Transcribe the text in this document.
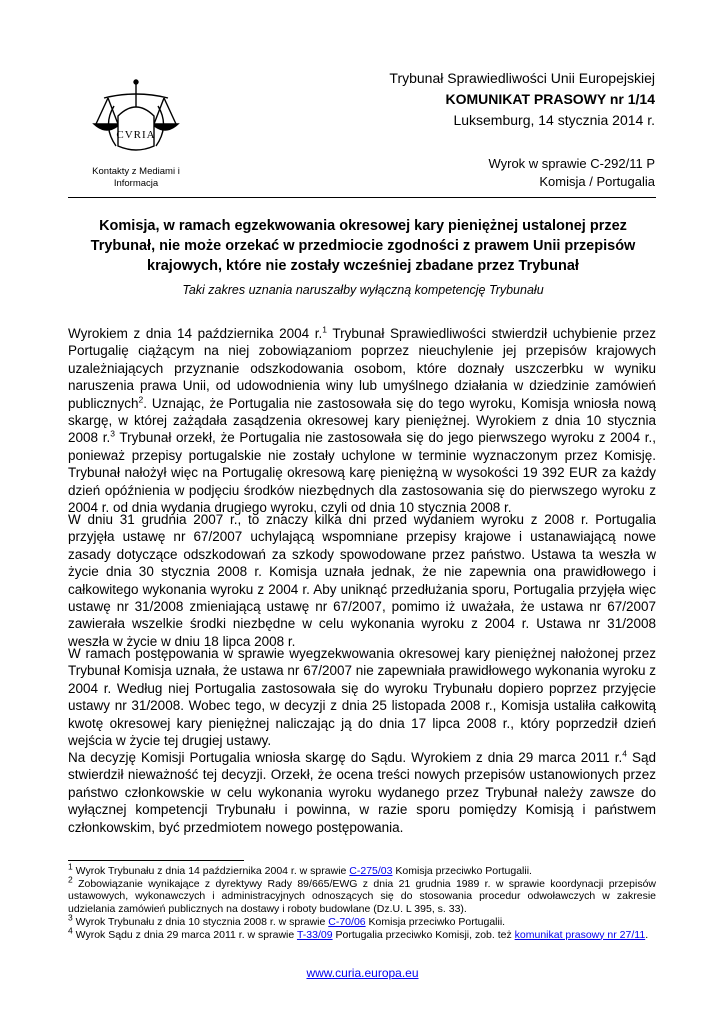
CVRIA
Kontakty z Mediami i Informacja
Trybunał Sprawiedliwości Unii Europejskiej
KOMUNIKAT PRASOWY nr 1/14
Luksemburg, 14 stycznia 2014 r.
Wyrok w sprawie C-292/11 P
Komisja / Portugalia
Komisja, w ramach egzekwowania okresowej kary pieniężnej ustalonej przez Trybunał, nie może orzekać w przedmiocie zgodności z prawem Unii przepisów krajowych, które nie zostały wcześniej zbadane przez Trybunał
Taki zakres uznania naruszałby wyłączną kompetencję Trybunału
Wyrokiem z dnia 14 października 2004 r.$^1$ Trybunał Sprawiedliwości stwierdził uchybienie przez Portugalię ciążącym na niej zobowiązaniom poprzez nieuchylenie jej przepisów krajowych uzależniających przyznanie odszkodowania osobom, które doznały uszczerbku w wyniku naruszenia prawa Unii, od udowodnienia winy lub umyślnego działania w dziedzinie zamówień publicznych$^2$. Uznając, że Portugalia nie zastosowała się do tego wyroku, Komisja wniosła nową skargę, w której zażądała zasądzenia okresowej kary pieniężnej. Wyrokiem z dnia 10 stycznia 2008 r.$^3$ Trybunał orzekł, że Portugalia nie zastosowała się do jego pierwszego wyroku z 2004 r., ponieważ przepisy portugalskie nie zostały uchylone w terminie wyznaczonym przez Komisję. Trybunał nałożył więc na Portugalię okresową karę pieniężną w wysokości 19 392 EUR za każdy dzień opóźnienia w podjęciu środków niezbędnych dla zastosowania się do pierwszego wyroku z 2004 r. od dnia wydania drugiego wyroku, czyli od dnia 10 stycznia 2008 r.
W dniu 31 grudnia 2007 r., to znaczy kilka dni przed wydaniem wyroku z 2008 r. Portugalia przyjęła ustawę nr 67/2007 uchylającą wspomniane przepisy krajowe i ustanawiającą nowe zasady dotyczące odszkodowań za szkody spowodowane przez państwo. Ustawa ta weszła w życie dnia 30 stycznia 2008 r. Komisja uznała jednak, że nie zapewnia ona prawidłowego i całkowitego wykonania wyroku z 2004 r. Aby uniknąć przedłużania sporu, Portugalia przyjęła więc ustawę nr 31/2008 zmieniającą ustawę nr 67/2007, pomimo iż uważała, że ustawa nr 67/2007 zawierała wszelkie środki niezbędne w celu wykonania wyroku z 2004 r. Ustawa nr 31/2008 weszła w życie w dniu 18 lipca 2008 r.
W ramach postępowania w sprawie wyegzekwowania okresowej kary pieniężnej nałożonej przez Trybunał Komisja uznała, że ustawa nr 67/2007 nie zapewniała prawidłowego wykonania wyroku z 2004 r. Według niej Portugalia zastosowała się do wyroku Trybunału dopiero poprzez przyjęcie ustawy nr 31/2008. Wobec tego, w decyzji z dnia 25 listopada 2008 r., Komisja ustaliła całkowitą kwotę okresowej kary pieniężnej naliczając ją do dnia 17 lipca 2008 r., który poprzedził dzień wejścia w życie tej drugiej ustawy.
Na decyzję Komisji Portugalia wniosła skargę do Sądu. Wyrokiem z dnia 29 marca 2011 r.$^4$ Sąd stwierdził nieważność tej decyzji. Orzekł, że ocena treści nowych przepisów ustanowionych przez państwo członkowskie w celu wykonania wyroku wydanego przez Trybunał należy zawsze do wyłącznej kompetencji Trybunału i powinna, w razie sporu pomiędzy Komisją i państwem członkowskim, być przedmiotem nowego postępowania.

$^1$ Wyrok Trybunału z dnia 14 października 2004 r. w sprawie C-275/03 Komisja przeciwko Portugalii.

$^2$ Zobowiązanie wynikające z dyrektywy Rady 89/665/EWG z dnia 21 grudnia 1989 r. w sprawie koordynacji przepisów ustawowych, wykonawczych i administracyjnych odnoszących się do stosowania procedur odwoławczych w zakresie udzielania zamówień publicznych na dostawy i roboty budowlane (Dz.U. L 395, s. 33).

$^3$ Wyrok Trybunału z dnia 10 stycznia 2008 r. w sprawie C-70/06 Komisja przeciwko Portugalii.

$^4$ Wyrok Sądu z dnia 29 marca 2011 r. w sprawie T-33/09 Portugalia przeciwko Komisji, zob. też komunikat prasowy nr 27/11.

www.curia.europa.eu
